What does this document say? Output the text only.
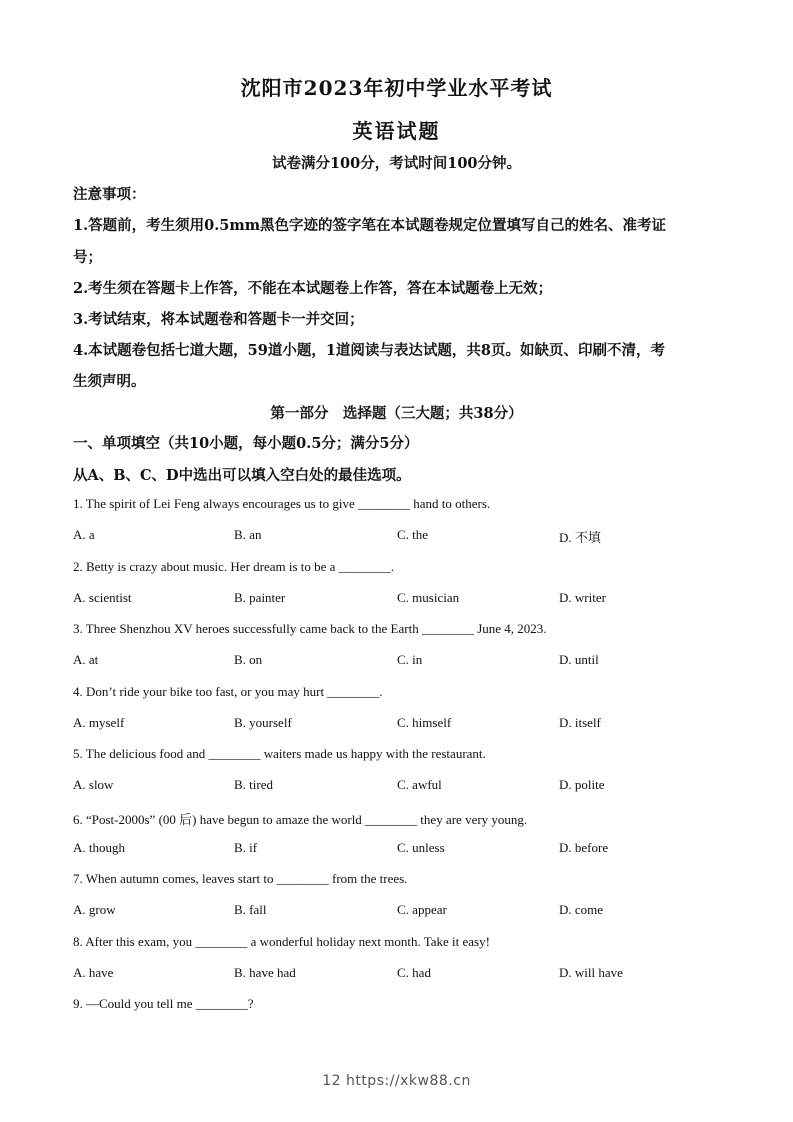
沈阳市2023年初中学业水平考试
英语试题
试卷满分100分，考试时间100分钟。
注意事项：
1.答题前，考生须用0.5mm黑色字迹的签字笔在本试题卷规定位置填写自己的姓名、准考证
号；
2.考生须在答题卡上作答，不能在本试题卷上作答，答在本试题卷上无效；
3.考试结束，将本试题卷和答题卡一并交回；
4.本试题卷包括七道大题，59道小题，1道阅读与表达试题，共8页。如缺页、印刷不清，考
生须声明。
第一部分　选择题（三大题；共38分）
一、单项填空（共10小题，每小题0.5分；满分5分）
从A、B、C、D中选出可以填入空白处的最佳选项。
1. The spirit of Lei Feng always encourages us to give ________ hand to others.
A. a	B. an	C. the	D. 不填
2. Betty is crazy about music. Her dream is to be a ________.
A. scientist	B. painter	C. musician	D. writer
3. Three Shenzhou XV heroes successfully came back to the Earth ________ June 4, 2023.
A. at	B. on	C. in	D. until
4. Don’t ride your bike too fast, or you may hurt ________.
A. myself	B. yourself	C. himself	D. itself
5. The delicious food and ________ waiters made us happy with the restaurant.
A. slow	B. tired	C. awful	D. polite
6. “Post-2000s” (00 后) have begun to amaze the world ________ they are very young.
A. though	B. if	C. unless	D. before
7. When autumn comes, leaves start to ________ from the trees.
A. grow	B. fall	C. appear	D. come
8. After this exam, you ________ a wonderful holiday next month. Take it easy!
A. have	B. have had	C. had	D. will have
9. —Could you tell me ________?
12 https://xkw88.cn
